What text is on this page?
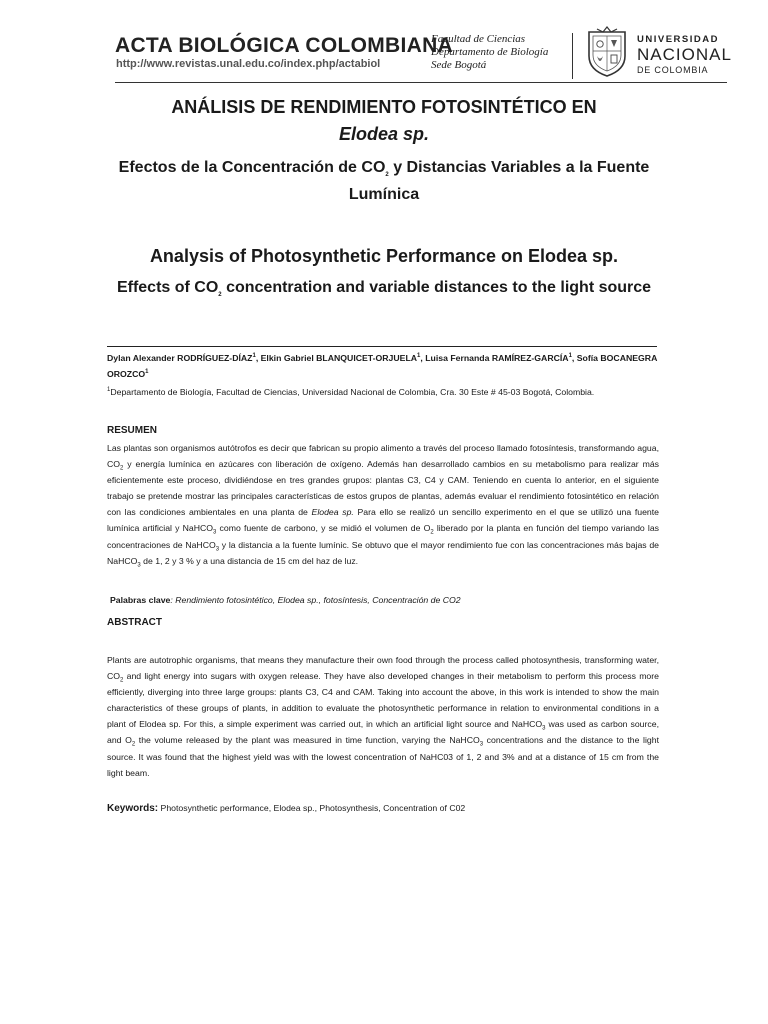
ACTA BIOLÓGICA COLOMBIANA
http://www.revistas.unal.edu.co/index.php/actabiol
Facultad de Ciencias
Departamento de Biología
Sede Bogotá
UNIVERSIDAD
NACIONAL
DE COLOMBIA
ANÁLISIS DE RENDIMIENTO FOTOSINTÉTICO EN
Elodea sp.
Efectos de la Concentración de $CO_2$ y Distancias Variables a la Fuente Lumínica
Analysis of Photosynthetic Performance on Elodea sp.
Effects of $CO_2$ concentration and variable distances to the light source
Dylan Alexander RODRÍGUEZ-DÍAZ$^1$, Elkin Gabriel BLANQUICET-ORJUELA$^1$, Luisa Fernanda RAMÍREZ-GARCÍA$^1$, Sofía BOCANEGRA OROZCO$^1$
$^1$Departamento de Biología, Facultad de Ciencias, Universidad Nacional de Colombia, Cra. 30 Este # 45-03 Bogotá, Colombia.
RESUMEN
Las plantas son organismos autótrofos es decir que fabrican su propio alimento a través del proceso llamado fotosíntesis, transformando agua, $CO_2$ y energía lumínica en azúcares con liberación de oxígeno. Además han desarrollado cambios en su metabolismo para realizar más eficientemente este proceso, dividiéndose en tres grandes grupos: plantas C3, C4 y CAM. Teniendo en cuenta lo anterior, en el siguiente trabajo se pretende mostrar las principales características de estos grupos de plantas, además evaluar el rendimiento fotosintético en relación con las condiciones ambientales en una planta de Elodea sp. Para ello se realizó un sencillo experimento en el que se utilizó una fuente lumínica artificial y NaHCO$_3$ como fuente de carbono, y se midió el volumen de $O_2$ liberado por la planta en función del tiempo variando las concentraciones de NaHCO$_3$ y la distancia a la fuente lumínic. Se obtuvo que el mayor rendimiento fue con las concentraciones más bajas de NaHCO$_3$ de 1, 2 y 3 % y a una distancia de 15 cm del haz de luz.
Palabras clave: Rendimiento fotosintético, Elodea sp., fotosíntesis, Concentración de CO2
ABSTRACT
Plants are autotrophic organisms, that means they manufacture their own food through the process called photosynthesis, transforming water, $CO_2$ and light energy into sugars with oxygen release. They have also developed changes in their metabolism to perform this process more efficiently, diverging into three large groups: plants C3, C4 and CAM. Taking into account the above, in this work is intended to show the main characteristics of these groups of plants, in addition to evaluate the photosynthetic performance in relation to environmental conditions in a plant of Elodea sp. For this, a simple experiment was carried out, in which an artificial light source and NaHCO$_3$ was used as carbon source, and $O_2$ the volume released by the plant was measured in time function, varying the NaHCO$_3$ concentrations and the distance to the light source. It was found that the highest yield was with the lowest concentration of NaHC03 of 1, 2 and 3% and at a distance of 15 cm from the light beam.
Keywords: Photosynthetic performance, Elodea sp., Photosynthesis, Concentration of C02
